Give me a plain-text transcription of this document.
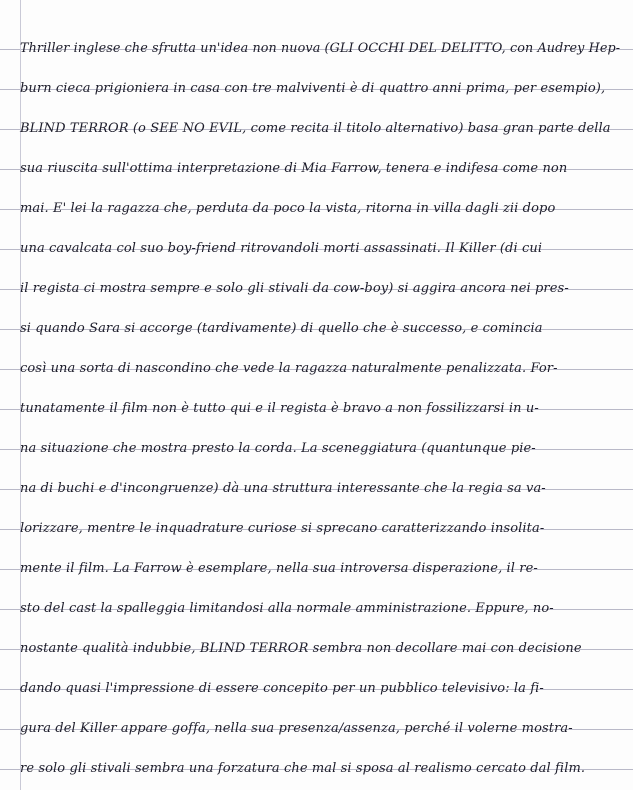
Thriller inglese che sfrutta un'idea non nuova (GLI OCCHI DEL DELITTO, con Audrey Hep-
burn cieca prigioniera in casa con tre malviventi è di quattro anni prima, per esempio),
BLIND TERROR (o SEE NO EVIL, come recita il titolo alternativo) basa gran parte della
sua riuscita sull'ottima interpretazione di Mia Farrow, tenera e indifesa come non
mai. E' lei la ragazza che, perduta da poco la vista, ritorna in villa dagli zii dopo
una cavalcata col suo boy-friend ritrovandoli morti assassinati. Il Killer (di cui
il regista ci mostra sempre e solo gli stivali da cow-boy) si aggira ancora nei pres-
si quando Sara si accorge (tardivamente) di quello che è successo, e comincia
così una sorta di nascondino che vede la ragazza naturalmente penalizzata. For-
tunatamente il film non è tutto qui e il regista è bravo a non fossilizzarsi in u-
na situazione che mostra presto la corda. La sceneggiatura (quantunque pie-
na di buchi e d'incongruenze) dà una struttura interessante che la regia sa va-
lorizzare, mentre le inquadrature curiose si sprecano caratterizzando insolita-
mente il film. La Farrow è esemplare, nella sua introversa disperazione, il re-
sto del cast la spalleggia limitandosi alla normale amministrazione. Eppure, no-
nostante qualità indubbie, BLIND TERROR sembra non decollare mai con decisione
dando quasi l'impressione di essere concepito per un pubblico televisivo: la fi-
gura del Killer appare goffa, nella sua presenza/assenza, perché il volerne mostra-
re solo gli stivali sembra una forzatura che mal si sposa al realismo cercato dal film.
